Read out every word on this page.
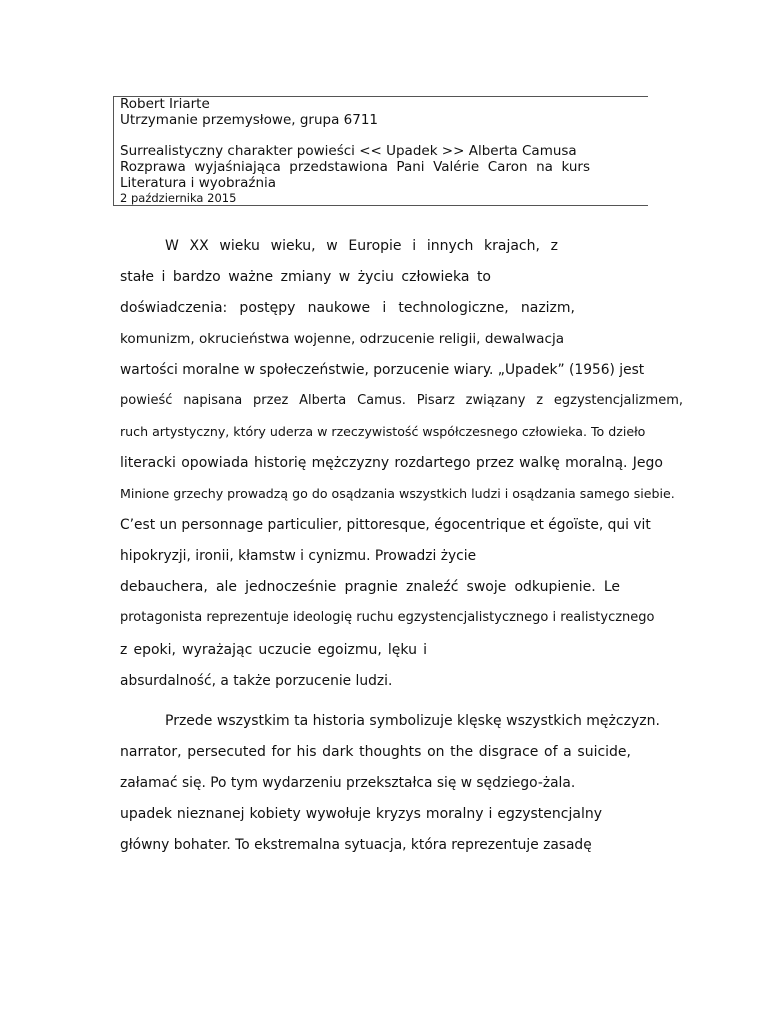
Robert Iriarte
Utrzymanie przemysłowe, grupa 6711
Surrealistyczny charakter powieści << Upadek >> Alberta Camusa
Rozprawa wyjaśniająca przedstawiona Pani Valérie Caron na kurs
Literatura i wyobraźnia
2 października 2015
W XX wieku wieku, w Europie i innych krajach, z
stałe i bardzo ważne zmiany w życiu człowieka to
doświadczenia: postępy naukowe i technologiczne, nazizm,
komunizm, okrucieństwa wojenne, odrzucenie religii, dewalwacja
wartości moralne w społeczeństwie, porzucenie wiary. „Upadek” (1956) jest
powieść napisana przez Alberta Camus. Pisarz związany z egzystencjalizmem,
ruch artystyczny, który uderza w rzeczywistość współczesnego człowieka. To dzieło
literacki opowiada historię mężczyzny rozdartego przez walkę moralną. Jego
Minione grzechy prowadzą go do osądzania wszystkich ludzi i osądzania samego siebie.
C’est un personnage particulier, pittoresque, égocentrique et égoïste, qui vit
hipokryzji, ironii, kłamstw i cynizmu. Prowadzi życie
debauchera, ale jednocześnie pragnie znaleźć swoje odkupienie. Le
protagonista reprezentuje ideologię ruchu egzystencjalistycznego i realistycznego
z epoki, wyrażając uczucie egoizmu, lęku i
absurdalność, a także porzucenie ludzi.
Przede wszystkim ta historia symbolizuje klęskę wszystkich mężczyzn.
narrator, persecuted for his dark thoughts on the disgrace of a suicide,
załamać się. Po tym wydarzeniu przekształca się w sędziego-żala.
upadek nieznanej kobiety wywołuje kryzys moralny i egzystencjalny
główny bohater. To ekstremalna sytuacja, która reprezentuje zasadę
